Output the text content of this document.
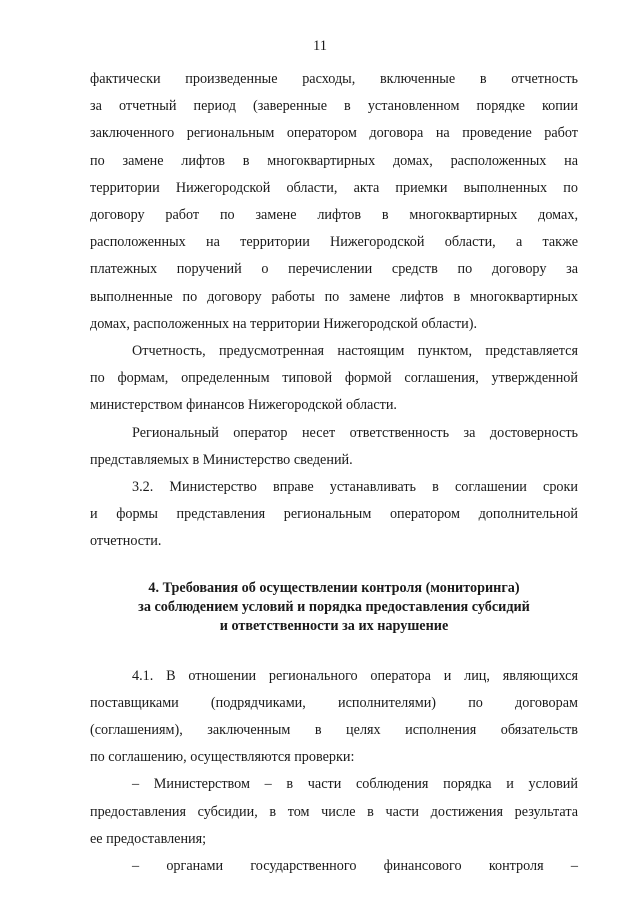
11
фактически произведенные расходы, включенные в отчетность
за отчетный период (заверенные в установленном порядке копии
заключенного региональным оператором договора на проведение работ
по замене лифтов в многоквартирных домах, расположенных на
территории Нижегородской области, акта приемки выполненных по
договору работ по замене лифтов в многоквартирных домах,
расположенных на территории Нижегородской области, а также
платежных поручений о перечислении средств по договору за
выполненные по договору работы по замене лифтов в многоквартирных
домах, расположенных на территории Нижегородской области).
Отчетность, предусмотренная настоящим пунктом, представляется
по формам, определенным типовой формой соглашения, утвержденной
министерством финансов Нижегородской области.
Региональный оператор несет ответственность за достоверность
представляемых в Министерство сведений.
3.2. Министерство вправе устанавливать в соглашении сроки
и формы представления региональным оператором дополнительной
отчетности.
4. Требования об осуществлении контроля (мониторинга)
за соблюдением условий и порядка предоставления субсидий
и ответственности за их нарушение
4.1. В отношении регионального оператора и лиц, являющихся
поставщиками (подрядчиками, исполнителями) по договорам
(соглашениям), заключенным в целях исполнения обязательств
по соглашению, осуществляются проверки:
– Министерством – в части соблюдения порядка и условий
предоставления субсидии, в том числе в части достижения результата
ее предоставления;
– органами государственного финансового контроля –
